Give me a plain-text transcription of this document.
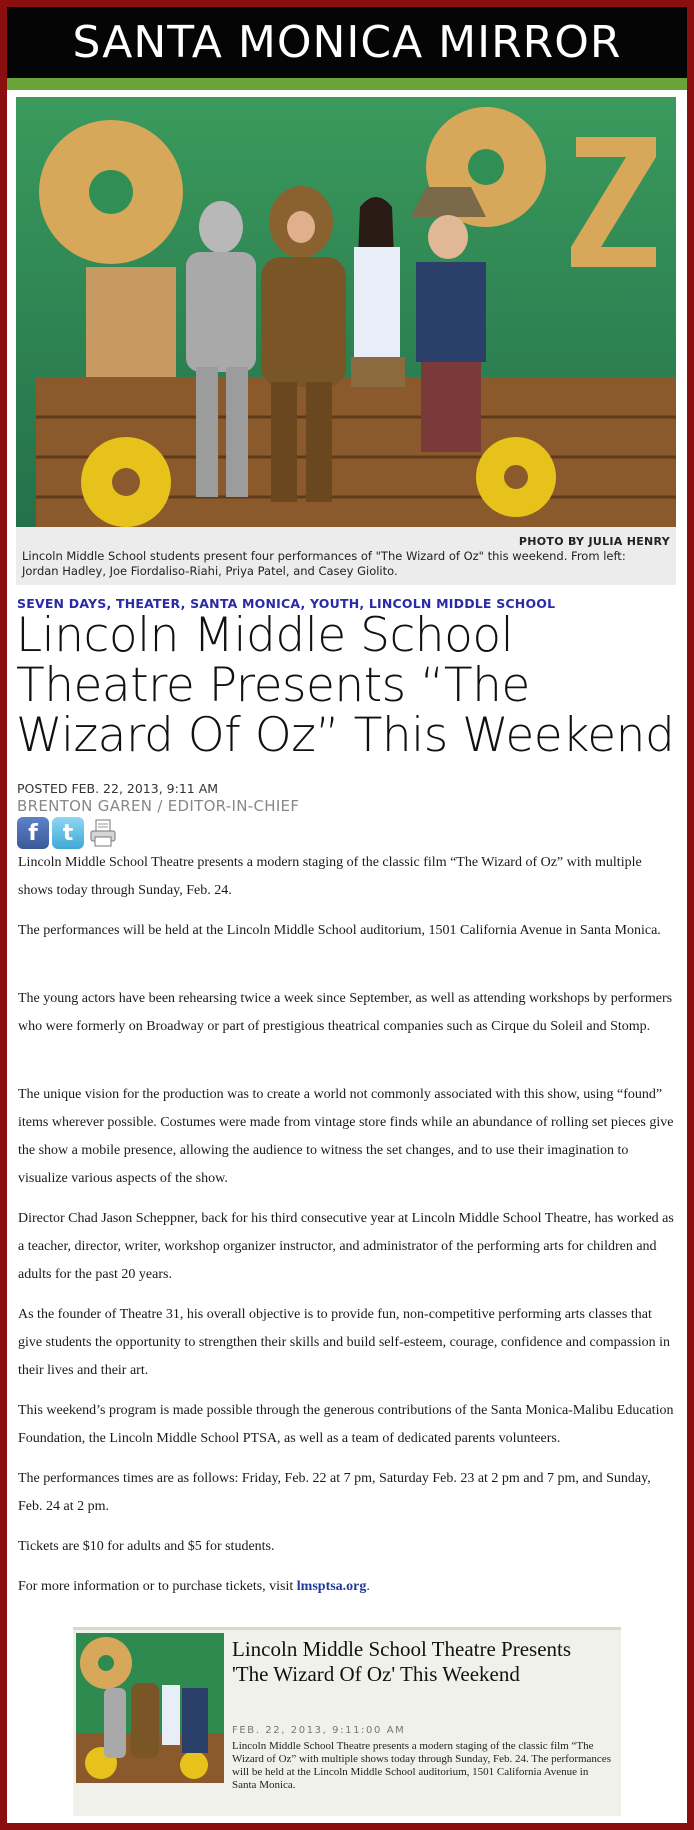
SANTA MONICA MIRROR
PHOTO BY JULIA HENRY
Lincoln Middle School students present four performances of "The Wizard of Oz" this weekend. From left: Jordan Hadley, Joe Fiordaliso-Riahi, Priya Patel, and Casey Giolito.
SEVEN DAYS, THEATER, SANTA MONICA, YOUTH, LINCOLN MIDDLE SCHOOL
Lincoln Middle School Theatre Presents “The Wizard Of Oz” This Weekend
POSTED FEB. 22, 2013, 9:11 AM
BRENTON GAREN / EDITOR-IN-CHIEF
f	t
Lincoln Middle School Theatre presents a modern staging of the classic film “The Wizard of Oz” with multiple shows today through Sunday, Feb. 24.
The performances will be held at the Lincoln Middle School auditorium, 1501 California Avenue in Santa Monica.
The young actors have been rehearsing twice a week since September, as well as attending workshops by performers who were formerly on Broadway or part of prestigious theatrical companies such as Cirque du Soleil and Stomp.
The unique vision for the production was to create a world not commonly associated with this show, using “found” items wherever possible. Costumes were made from vintage store finds while an abundance of rolling set pieces give the show a mobile presence, allowing the audience to witness the set changes, and to use their imagination to visualize various aspects of the show.
Director Chad Jason Scheppner, back for his third consecutive year at Lincoln Middle School Theatre, has worked as a teacher, director, writer, workshop organizer instructor, and administrator of the performing arts for children and adults for the past 20 years.
As the founder of Theatre 31, his overall objective is to provide fun, non-competitive performing arts classes that give students the opportunity to strengthen their skills and build self-esteem, courage, confidence and compassion in their lives and their art.
This weekend’s program is made possible through the generous contributions of the Santa Monica-Malibu Education Foundation, the Lincoln Middle School PTSA, as well as a team of dedicated parents volunteers.
The performances times are as follows: Friday, Feb. 22 at 7 pm, Saturday Feb. 23 at 2 pm and 7 pm, and Sunday, Feb. 24 at 2 pm.
Tickets are $10 for adults and $5 for students.
For more information or to purchase tickets, visit lmsptsa.org.
Lincoln Middle School Theatre Presents 'The Wizard Of Oz' This Weekend
FEB. 22, 2013, 9:11:00 AM
Lincoln Middle School Theatre presents a modern staging of the classic film “The Wizard of Oz” with multiple shows today through Sunday, Feb. 24. The performances will be held at the Lincoln Middle School auditorium, 1501 California Avenue in Santa Monica.
